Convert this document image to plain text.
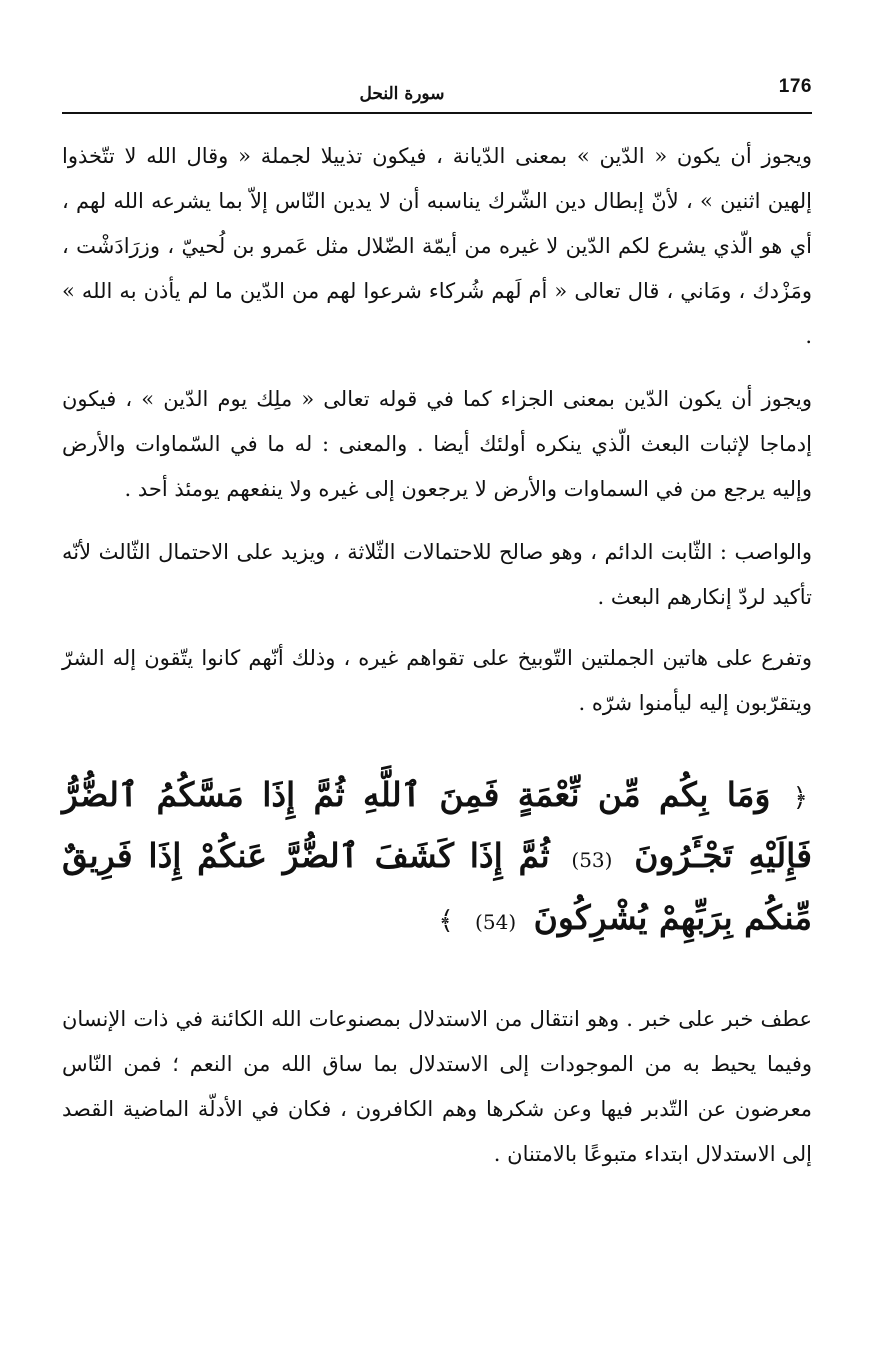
176
سورة النحل

ويجوز أن يكون « الدّين » بمعنى الدّيانة ، فيكون تذييلا لجملة « وقال الله لا تتّخذوا إلهين اثنين » ، لأنّ إبطال دين الشّرك يناسبه أن لا يدين النّاس إلاّ بما يشرعه الله لهم ، أي هو الّذي يشرع لكم الدّين لا غيره من أيمّة الضّلال مثل عَمرو بن لُحييّ ، وزرَادَشْت ، ومَزْدك ، ومَاني ، قال تعالى « أم لَهم شُركاء شرعوا لهم من الدّين ما لم يأذن به الله » .

ويجوز أن يكون الدّين بمعنى الجزاء كما في قوله تعالى « ملِك يوم الدّين » ، فيكون إدماجا لإثبات البعث الّذي ينكره أولئك أيضا . والمعنى : له ما في السّماوات والأرض وإليه يرجع من في السماوات والأرض لا يرجعون إلى غيره ولا ينفعهم يومئذ أحد .

والواصب : الثّابت الدائم ، وهو صالح للاحتمالات الثّلاثة ، ويزيد على الاحتمال الثّالث لأنّه تأكيد لردّ إنكارهم البعث .

وتفرع على هاتين الجملتين التّوبيخ على تقواهم غيره ، وذلك أنّهم كانوا يتّقون إله الشرّ ويتقرّبون إليه ليأمنوا شرّه .

﴿ وَمَا بِكُم مِّن نِّعْمَةٍ فَمِنَ ٱللَّهِ ثُمَّ إِذَا مَسَّكُمُ ٱلضُّرُّ فَإِلَيْهِ تَجْـَٔرُونَ (53) ثُمَّ إِذَا كَشَفَ ٱلضُّرَّ عَنكُمْ إِذَا فَرِيقٌ مِّنكُم بِرَبِّهِمْ يُشْرِكُونَ (54) ﴾

عطف خبر على خبر . وهو انتقال من الاستدلال بمصنوعات الله الكائنة في ذات الإنسان وفيما يحيط به من الموجودات إلى الاستدلال بما ساق الله من النعم ؛ فمن النّاس معرضون عن التّدبر فيها وعن شكرها وهم الكافرون ، فكان في الأدلّة الماضية القصد إلى الاستدلال ابتداء متبوعًا بالامتنان .
